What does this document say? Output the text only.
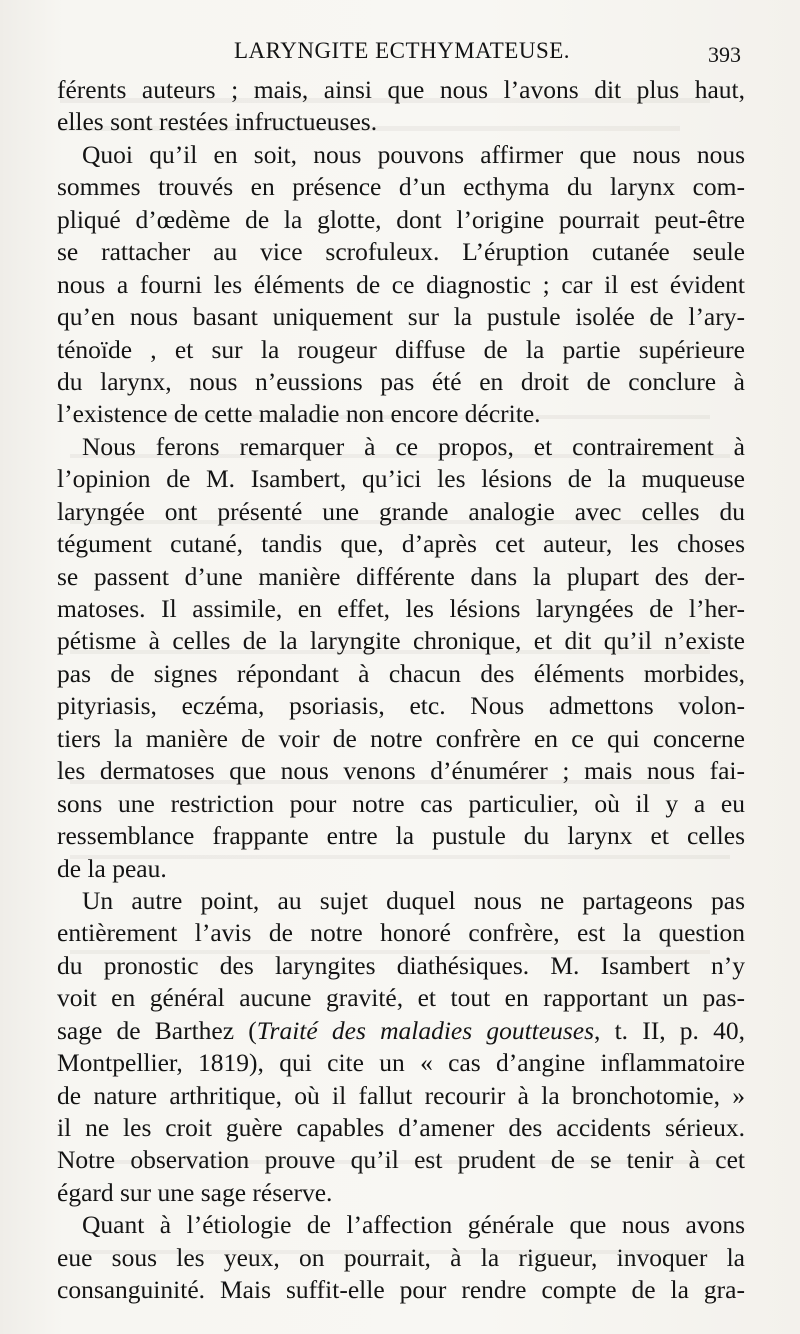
LARYNGITE ECTHYMATEUSE.	393
férents auteurs ; mais, ainsi que nous l’avons dit plus haut,
elles sont restées infructueuses.
Quoi qu’il en soit, nous pouvons affirmer que nous nous
sommes trouvés en présence d’un ecthyma du larynx com-
pliqué d’œdème de la glotte, dont l’origine pourrait peut-être
se rattacher au vice scrofuleux. L’éruption cutanée seule
nous a fourni les éléments de ce diagnostic ; car il est évident
qu’en nous basant uniquement sur la pustule isolée de l’ary-
ténoïde , et sur la rougeur diffuse de la partie supérieure
du larynx, nous n’eussions pas été en droit de conclure à
l’existence de cette maladie non encore décrite.
Nous ferons remarquer à ce propos, et contrairement à
l’opinion de M. Isambert, qu’ici les lésions de la muqueuse
laryngée ont présenté une grande analogie avec celles du
tégument cutané, tandis que, d’après cet auteur, les choses
se passent d’une manière différente dans la plupart des der-
matoses. Il assimile, en effet, les lésions laryngées de l’her-
pétisme à celles de la laryngite chronique, et dit qu’il n’existe
pas de signes répondant à chacun des éléments morbides,
pityriasis, eczéma, psoriasis, etc. Nous admettons volon-
tiers la manière de voir de notre confrère en ce qui concerne
les dermatoses que nous venons d’énumérer ; mais nous fai-
sons une restriction pour notre cas particulier, où il y a eu
ressemblance frappante entre la pustule du larynx et celles
de la peau.
Un autre point, au sujet duquel nous ne partageons pas
entièrement l’avis de notre honoré confrère, est la question
du pronostic des laryngites diathésiques. M. Isambert n’y
voit en général aucune gravité, et tout en rapportant un pas-
sage de Barthez (Traité des maladies goutteuses, t. II, p. 40,
Montpellier, 1819), qui cite un « cas d’angine inflammatoire
de nature arthritique, où il fallut recourir à la bronchotomie, »
il ne les croit guère capables d’amener des accidents sérieux.
Notre observation prouve qu’il est prudent de se tenir à cet
égard sur une sage réserve.
Quant à l’étiologie de l’affection générale que nous avons
eue sous les yeux, on pourrait, à la rigueur, invoquer la
consanguinité. Mais suffit-elle pour rendre compte de la gra-
